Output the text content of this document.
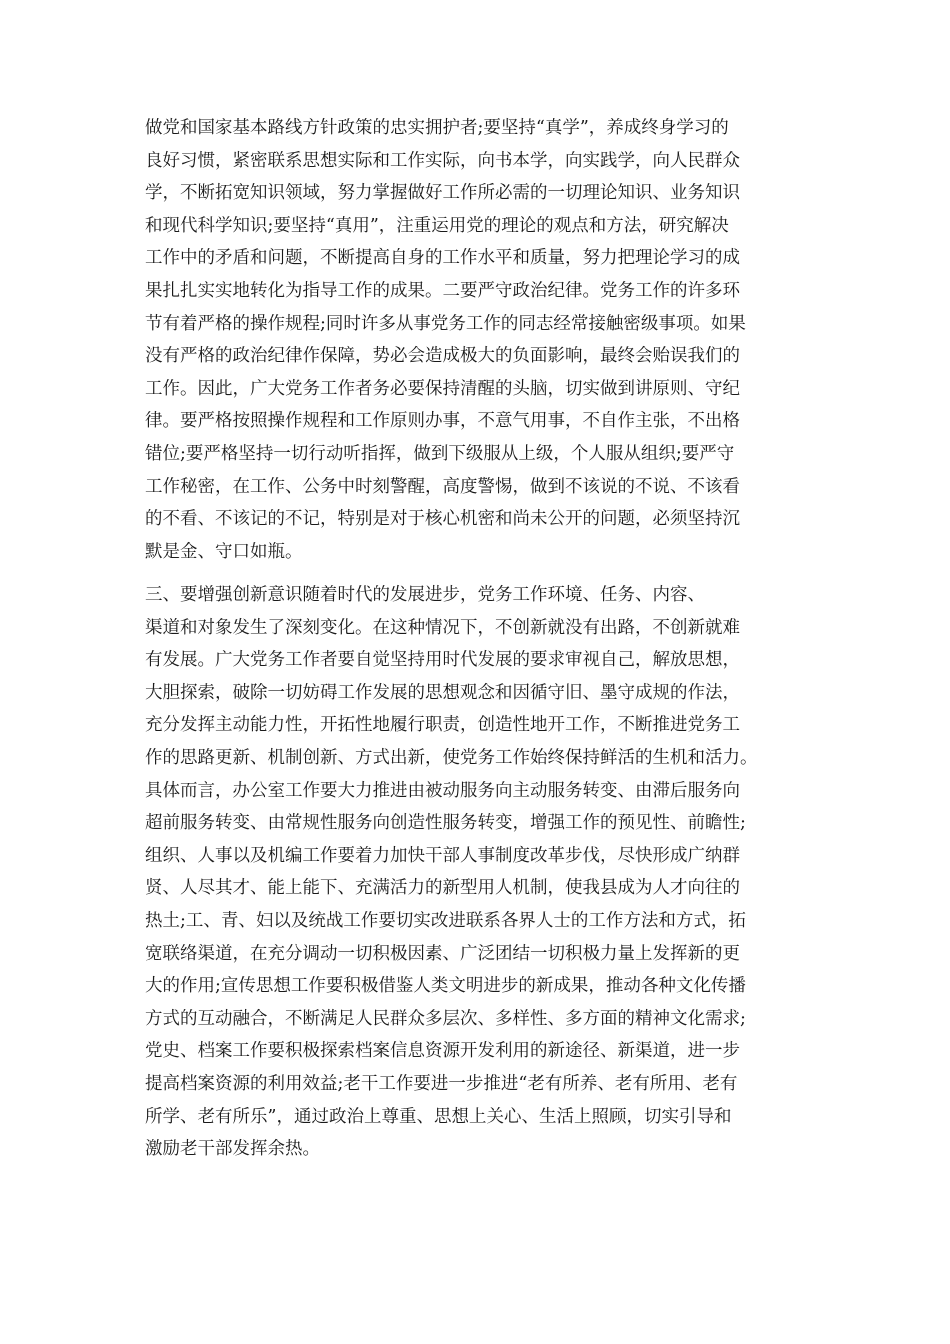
做党和国家基本路线方针政策的忠实拥护者;要坚持“真学”，养成终身学习的
良好习惯，紧密联系思想实际和工作实际，向书本学，向实践学，向人民群众
学，不断拓宽知识领域，努力掌握做好工作所必需的一切理论知识、业务知识
和现代科学知识;要坚持“真用”，注重运用党的理论的观点和方法，研究解决
工作中的矛盾和问题，不断提高自身的工作水平和质量，努力把理论学习的成
果扎扎实实地转化为指导工作的成果。二要严守政治纪律。党务工作的许多环
节有着严格的操作规程;同时许多从事党务工作的同志经常接触密级事项。如果
没有严格的政治纪律作保障，势必会造成极大的负面影响，最终会贻误我们的
工作。因此，广大党务工作者务必要保持清醒的头脑，切实做到讲原则、守纪
律。要严格按照操作规程和工作原则办事，不意气用事，不自作主张，不出格
错位;要严格坚持一切行动听指挥，做到下级服从上级，个人服从组织;要严守
工作秘密，在工作、公务中时刻警醒，高度警惕，做到不该说的不说、不该看
的不看、不该记的不记，特别是对于核心机密和尚未公开的问题，必须坚持沉
默是金、守口如瓶。

三、要增强创新意识随着时代的发展进步，党务工作环境、任务、内容、
渠道和对象发生了深刻变化。在这种情况下，不创新就没有出路，不创新就难
有发展。广大党务工作者要自觉坚持用时代发展的要求审视自己，解放思想，
大胆探索，破除一切妨碍工作发展的思想观念和因循守旧、墨守成规的作法，
充分发挥主动能力性，开拓性地履行职责，创造性地开工作，不断推进党务工
作的思路更新、机制创新、方式出新，使党务工作始终保持鲜活的生机和活力。
具体而言，办公室工作要大力推进由被动服务向主动服务转变、由滞后服务向
超前服务转变、由常规性服务向创造性服务转变，增强工作的预见性、前瞻性;
组织、人事以及机编工作要着力加快干部人事制度改革步伐，尽快形成广纳群
贤、人尽其才、能上能下、充满活力的新型用人机制，使我县成为人才向往的
热土;工、青、妇以及统战工作要切实改进联系各界人士的工作方法和方式，拓
宽联络渠道，在充分调动一切积极因素、广泛团结一切积极力量上发挥新的更
大的作用;宣传思想工作要积极借鉴人类文明进步的新成果，推动各种文化传播
方式的互动融合，不断满足人民群众多层次、多样性、多方面的精神文化需求;
党史、档案工作要积极探索档案信息资源开发利用的新途径、新渠道，进一步
提高档案资源的利用效益;老干工作要进一步推进“老有所养、老有所用、老有
所学、老有所乐”，通过政治上尊重、思想上关心、生活上照顾，切实引导和
激励老干部发挥余热。
